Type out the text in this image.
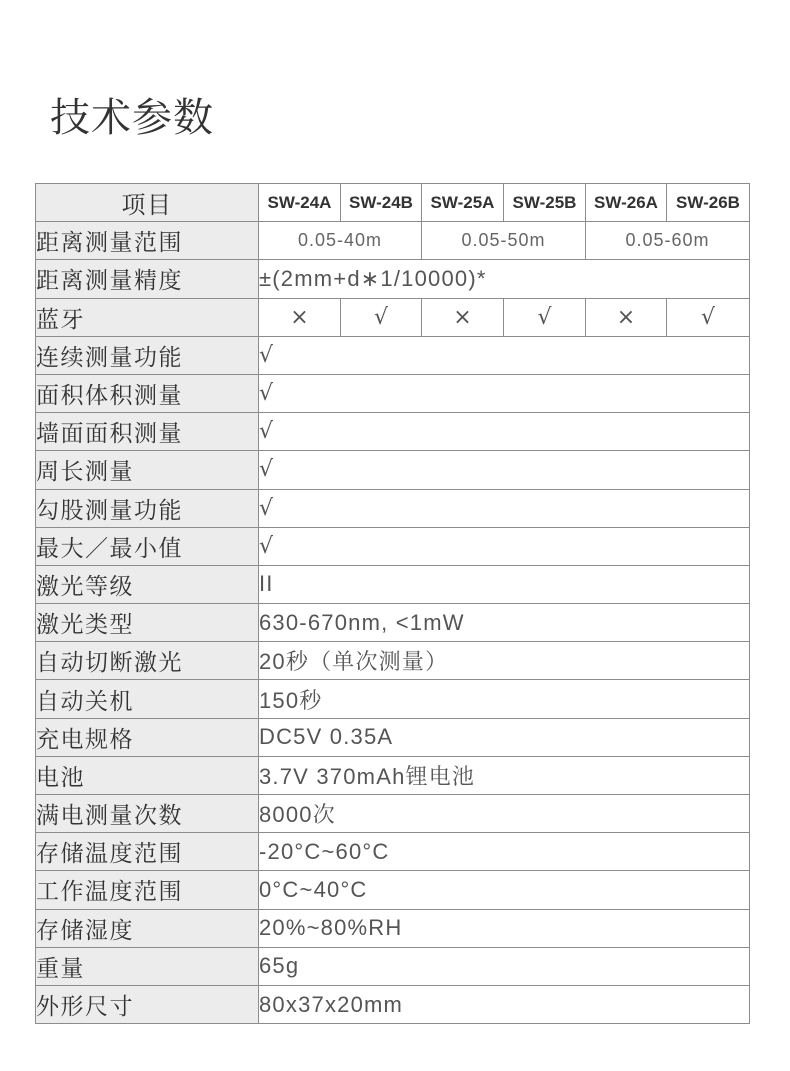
技术参数
项目	SW-24A	SW-24B	SW-25A	SW-25B	SW-26A	SW-26B
距离测量范围	0.05-40m		0.05-50m		0.05-60m	
距离测量精度	±(2mm+d∗1/10000)*					
蓝牙	×	√	×	√	×	√
连续测量功能	√					
面积体积测量	√					
墙面面积测量	√					
周长测量	√					
勾股测量功能	√					
最大／最小值	√					
激光等级	II					
激光类型	630-670nm, <1mW					
自动切断激光	20秒（单次测量）					
自动关机	150秒					
充电规格	DC5V 0.35A					
电池	3.7V 370mAh锂电池					
满电测量次数	8000次					
存储温度范围	-20°C~60°C					
工作温度范围	0°C~40°C					
存储湿度	20%~80%RH					
重量	65g					
外形尺寸	80x37x20mm					
